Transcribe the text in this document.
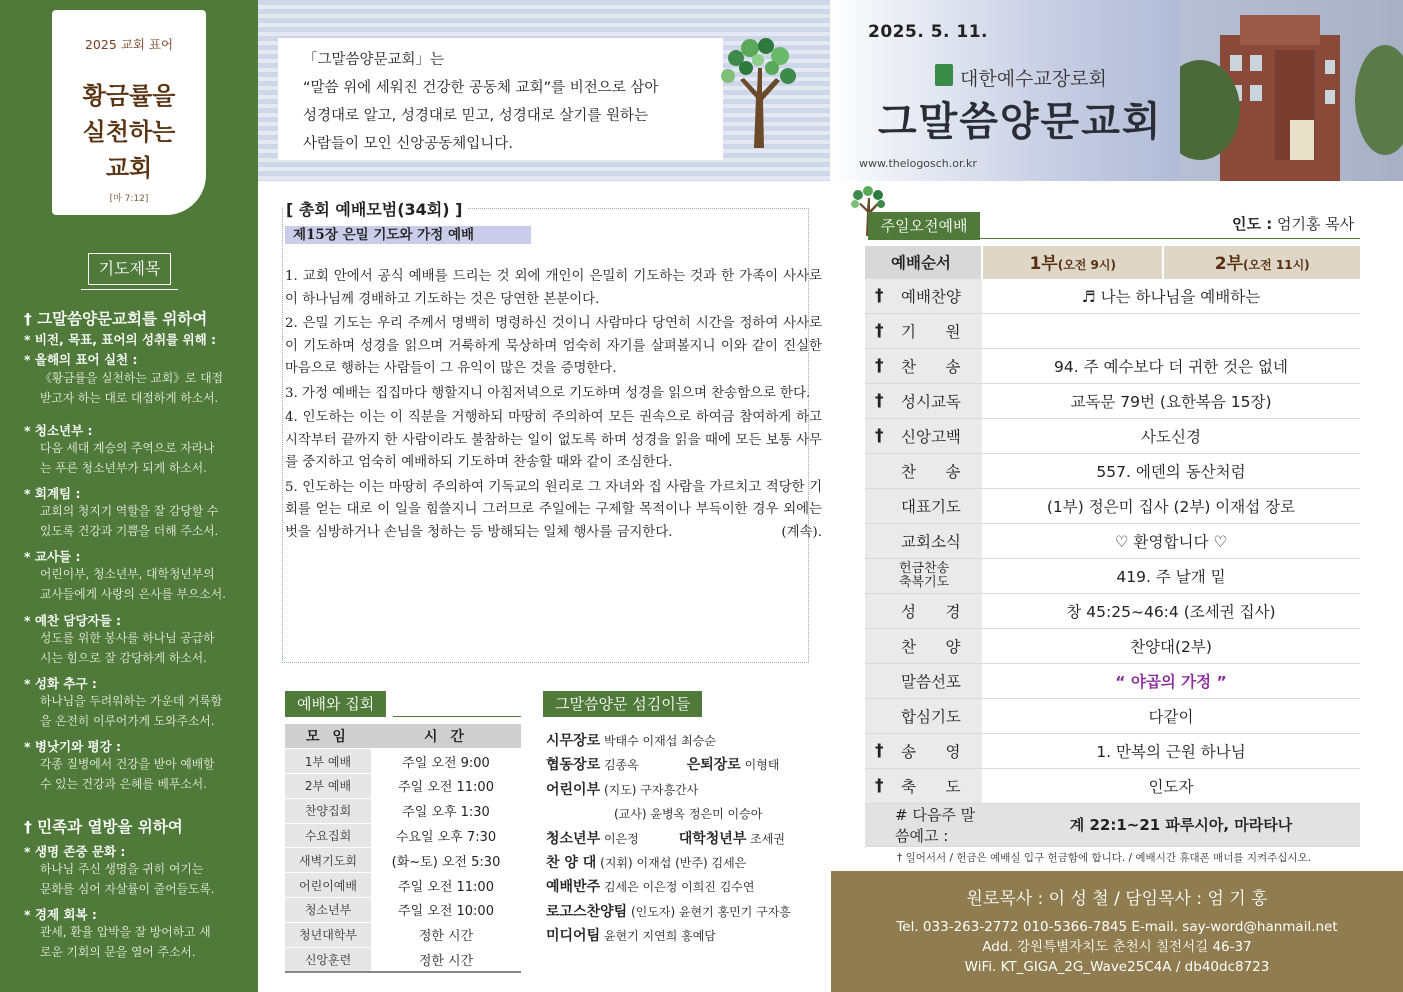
2025 교회 표어
황금률을
실천하는
교회
[마 7:12]
기도제목
† 그말씀양문교회를 위하여
* 비전, 목표, 표어의 성취를 위해 :
* 올해의 표어 실천 :
《황금률을 실천하는 교회》로 대접
받고자 하는 대로 대접하게 하소서.
* 청소년부 :
다음 세대 계승의 주역으로 자라나
는 푸른 청소년부가 되게 하소서.
* 회계팀 :
교회의 청지기 역할을 잘 감당할 수
있도록 건강과 기쁨을 더해 주소서.
* 교사들 :
어린이부, 청소년부, 대학청년부의
교사들에게 사랑의 은사를 부으소서.
* 예찬 담당자들 :
성도를 위한 봉사를 하나님 공급하
시는 힘으로 잘 감당하게 하소서.
* 성화 추구 :
하나님을 두려워하는 가운데 거룩함
을 온전히 이루어가게 도와주소서.
* 병낫기와 평강 :
각종 질병에서 건강을 받아 예배할
수 있는 건강과 은혜를 베푸소서.
† 민족과 열방을 위하여
* 생명 존중 문화 :
하나님 주신 생명을 귀히 여기는
문화를 심어 자살률이 줄어들도록.
* 경제 회복 :
관세, 환율 압박을 잘 방어하고 새
로운 기회의 문을 열어 주소서.
「그말씀양문교회」는
“말씀 위에 세워진 건강한 공동체 교회”를 비전으로 삼아
성경대로 알고, 성경대로 믿고, 성경대로 살기를 원하는
사람들이 모인 신앙공동체입니다.
2025. 5. 11.
대한예수교장로회
그말씀양문교회
www.thelogosch.or.kr
[ 총회 예배모범(34회) ]
제15장 은밀 기도와 가정 예배

1. 교회 안에서 공식 예배를 드리는 것 외에 개인이 은밀히 기도하는 것과 한 가족이 사사로이 하나님께 경배하고 기도하는 것은 당연한 본분이다.

2. 은밀 기도는 우리 주께서 명백히 명령하신 것이니 사람마다 당연히 시간을 정하여 사사로이 기도하며 성경을 읽으며 거룩하게 묵상하며 엄숙히 자기를 살펴볼지니 이와 같이 진실한 마음으로 행하는 사람들이 그 유익이 많은 것을 증명한다.

3. 가정 예배는 집집마다 행할지니 아침저녁으로 기도하며 성경을 읽으며 찬송함으로 한다.

4. 인도하는 이는 이 직분을 거행하되 마땅히 주의하여 모든 권속으로 하여금 참여하게 하고 시작부터 끝까지 한 사람이라도 불참하는 일이 없도록 하며 성경을 읽을 때에 모든 보통 사무를 중지하고 엄숙히 예배하되 기도하며 찬송할 때와 같이 조심한다.

5. 인도하는 이는 마땅히 주의하여 기독교의 원리로 그 자녀와 집 사람을 가르치고 적당한 기회를 얻는 대로 이 일을 힘쓸지니 그러므로 주일에는 구제할 목적이나 부득이한 경우 외에는 벗을 심방하거나 손님을 청하는 등 방해되는 일체 행사를 금지한다.	(계속).

예배와 집회
모 임	시 간
1부 예배	주일 오전 9:00
2부 예배	주일 오전 11:00
찬양집회	주일 오후 1:30
수요집회	수요일 오후 7:30
새벽기도회	(화~토) 오전 5:30
어린이예배	주일 오전 11:00
청소년부	주일 오전 10:00
청년대학부	정한 시간
신앙훈련	정한 시간
그말씀양문 섬김이들
시무장로 박태수 이재섭 최승순
협동장로 김종옥	은퇴장로 이형태
어린이부 (지도) 구자흥간사
(교사) 윤병옥 정은미 이승아
청소년부 이은정	대학청년부 조세권
찬 양 대 (지휘) 이재섭 (반주) 김세은
예배반주 김세은 이은정 이희진 김수연
로고스찬양팀 (인도자) 윤현기 홍민기 구자흥
미디어팀 윤현기 지연희 홍예담
주일오전예배	인도 : 엄기홍 목사
예배순서	1부(오전 9시)	2부(오전 11시)

† 예배찬양	♬ 나는 하나님을 예배하는	

† 기      원		

† 찬      송	94. 주 예수보다 더 귀한 것은 없네	

† 성시교독	교독문 79번 (요한복음 15장)	

† 신앙고백	사도신경	

찬      송	557. 에덴의 동산처럼	

대표기도	(1부) 정은미 집사 (2부) 이재섭 장로	

교회소식	♡ 환영합니다 ♡	

헌금찬송
축복기도	419. 주 날개 밑	

성      경	창 45:25~46:4 (조세권 집사)	

찬      양	찬양대(2부)	

말씀선포	“ 야곱의 가정 ”	

합심기도	다같이	

† 송      영	1. 만복의 근원 하나님	

† 축      도	인도자	
# 다음주 말씀예고 :	계 22:1~21 파루시아, 마라타나	
† 일어서서 / 헌금은 예배실 입구 헌금함에 합니다. / 예배시간 휴대폰 매너를 지켜주십시오.
원로목사 : 이 성 철 / 담임목사 : 엄 기 홍
Tel. 033-263-2772 010-5366-7845 E-mail. say-word@hanmail.net
Add. 강원특별자치도 춘천시 칠전서길 46-37
WiFi. KT_GIGA_2G_Wave25C4A / db40dc8723
